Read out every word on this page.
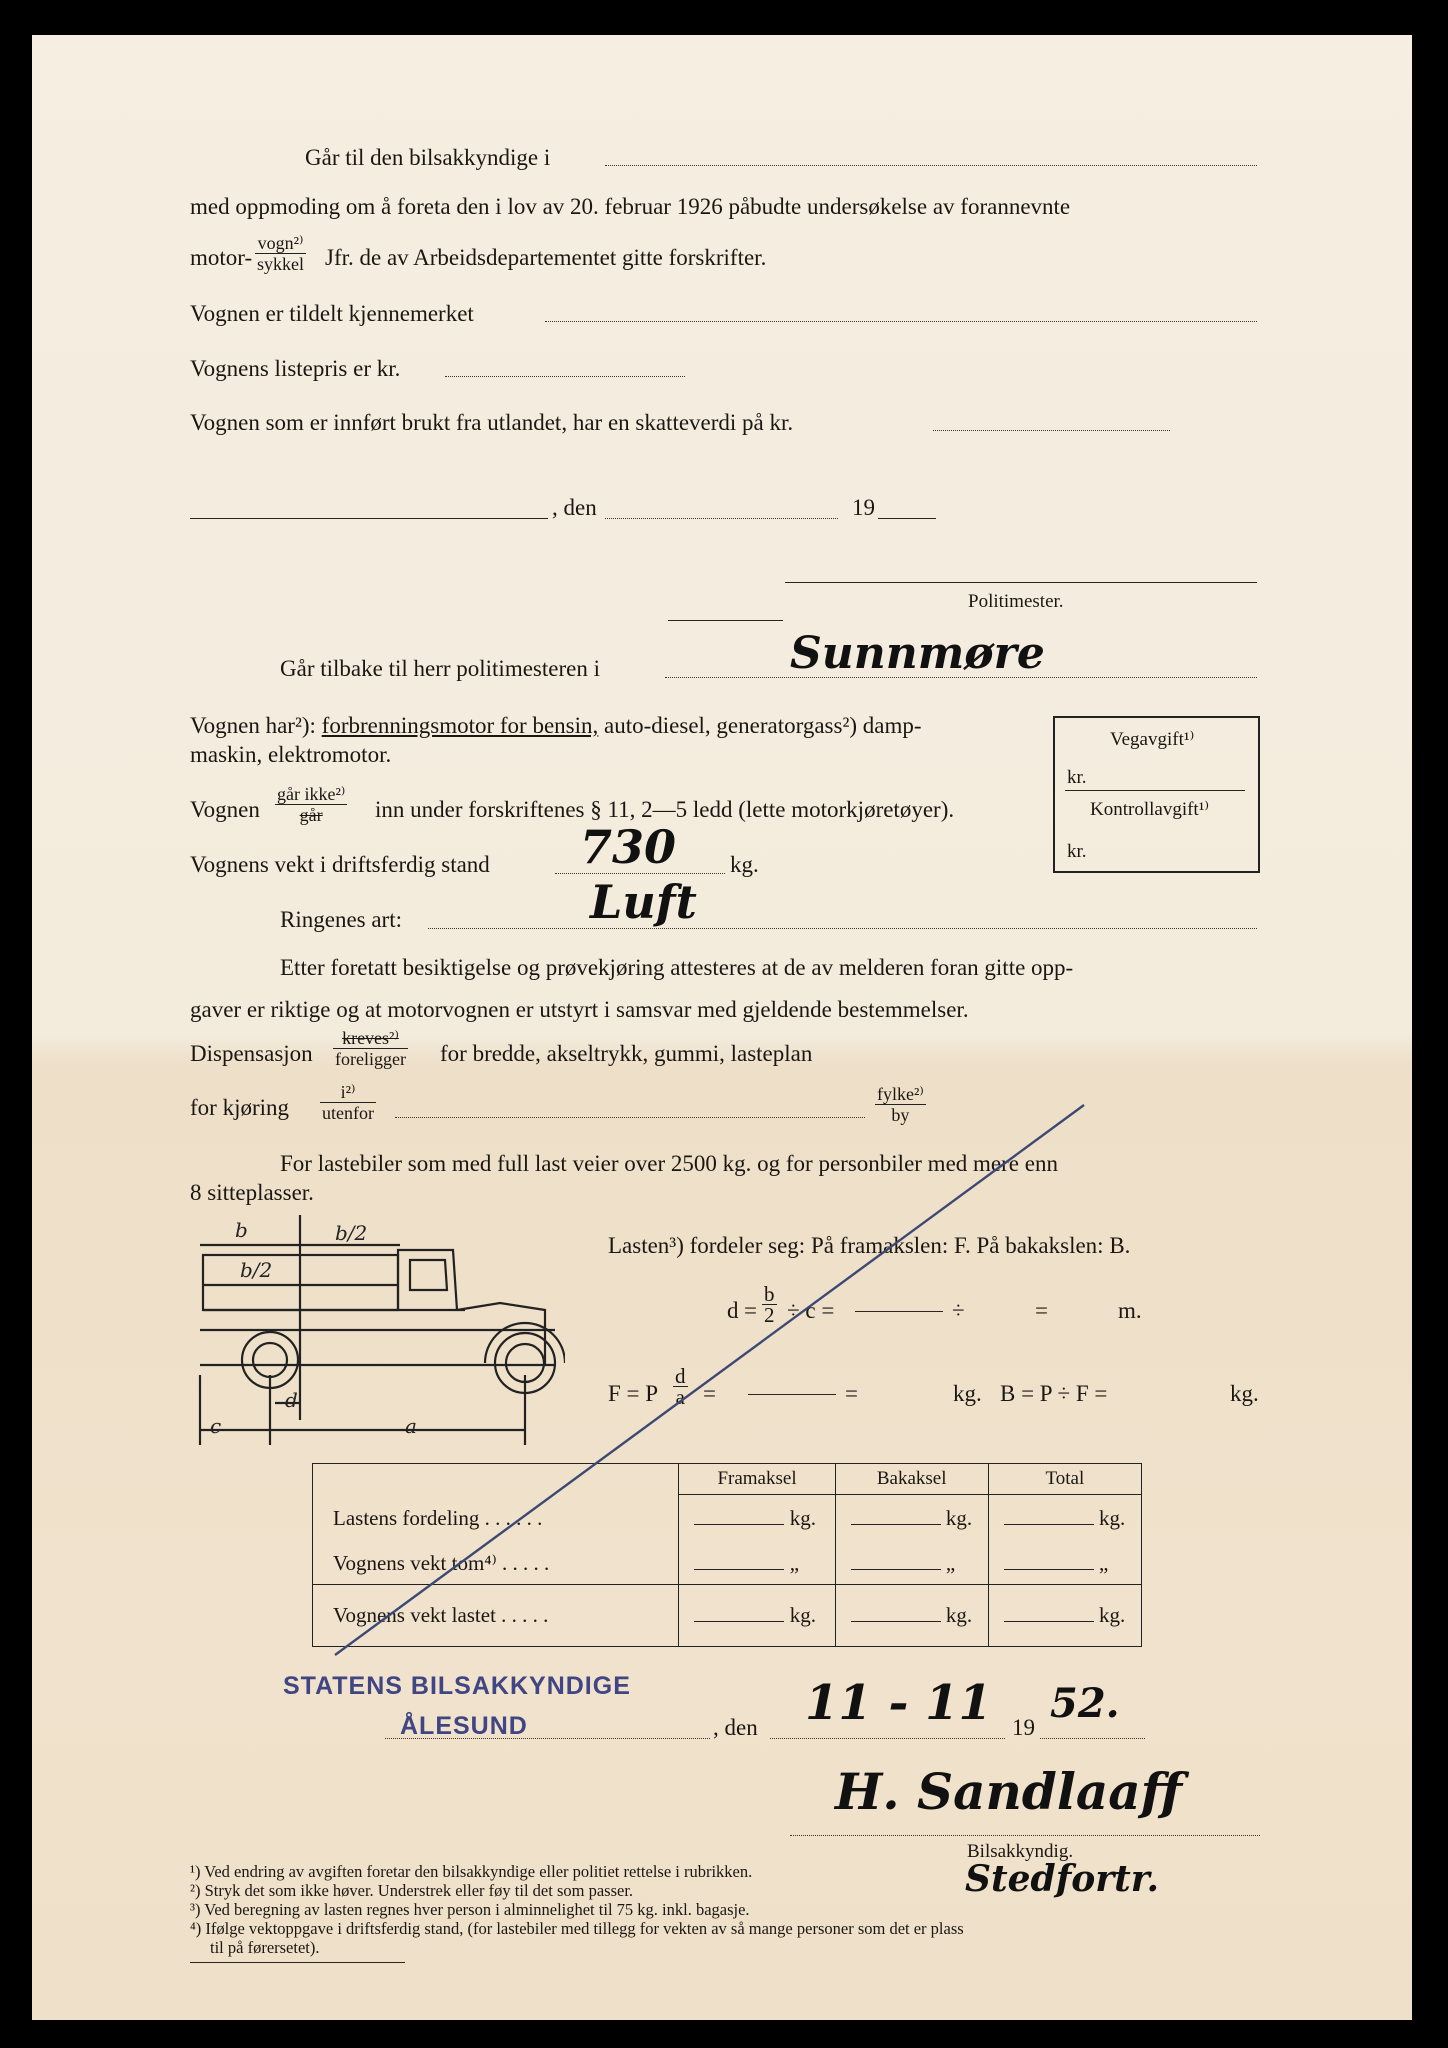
Går til den bilsakkyndige i
med oppmoding om å foreta den i lov av 20. februar 1926 påbudte undersøkelse av forannevnte
motor-
vogn²⁾
sykkel Jfr. de av Arbeidsdepartementet gitte forskrifter.
Vognen er tildelt kjennemerket
Vognens listepris er kr.
Vognen som er innført brukt fra utlandet, har en skatteverdi på kr.
, den	19
Politimester.
Går tilbake til herr politimesteren i	Sunnmøre
Vognen har²): forbrenningsmotor for bensin, auto-diesel, generatorgass²) damp-
maskin, elektromotor.
Vognen
går ikke²⁾
går	inn under forskriftenes § 11, 2—5 ledd (lette motorkjøretøyer).
Vognens vekt i driftsferdig stand 730 kg.
Ringenes art:	Luft
Etter foretatt besiktigelse og prøvekjøring attesteres at de av melderen foran gitte opp-
gaver er riktige og at motorvognen er utstyrt i samsvar med gjeldende bestemmelser.
Dispensasjon
kreves²⁾
foreligger for bredde, akseltrykk, gummi, lasteplan
for kjøring
i²⁾
utenfor
fylke²⁾
by
For lastebiler som med full last veier over 2500 kg. og for personbiler med mere enn
8 sitteplasser.
Vegavgift¹⁾
kr.
Kontrollavgift¹⁾
kr.
b	b/2
b/2
d
c	a
Lasten³) fordeler seg: På framakslen: F. På bakakslen: B.
$d = \frac{b}{2} \div c$ =	÷	=	m.
F = P $\frac{d}{a}$ =	=	kg. B = P ÷ F =	kg.
	Framaksel	Bakaksel	Total
Lastens fordeling . . . . . .	kg.	kg.	kg.
Vognens vekt tom⁴⁾ . . . . .	„	„	„
Vognens vekt lastet . . . . .	kg.	kg.	kg.
STATENS BILSAKKYNDIGE
ÅLESUND	, den 11 - 11 19
52.
H. Sandlaaff
Bilsakkyndig.
Stedfortr.
¹) Ved endring av avgiften foretar den bilsakkyndige eller politiet rettelse i rubrikken.
²) Stryk det som ikke høver. Understrek eller føy til det som passer.
³) Ved beregning av lasten regnes hver person i alminnelighet til 75 kg. inkl. bagasje.
⁴) Ifølge vektoppgave i driftsferdig stand, (for lastebiler med tillegg for vekten av så mange personer som det er plass
til på førersetet).
